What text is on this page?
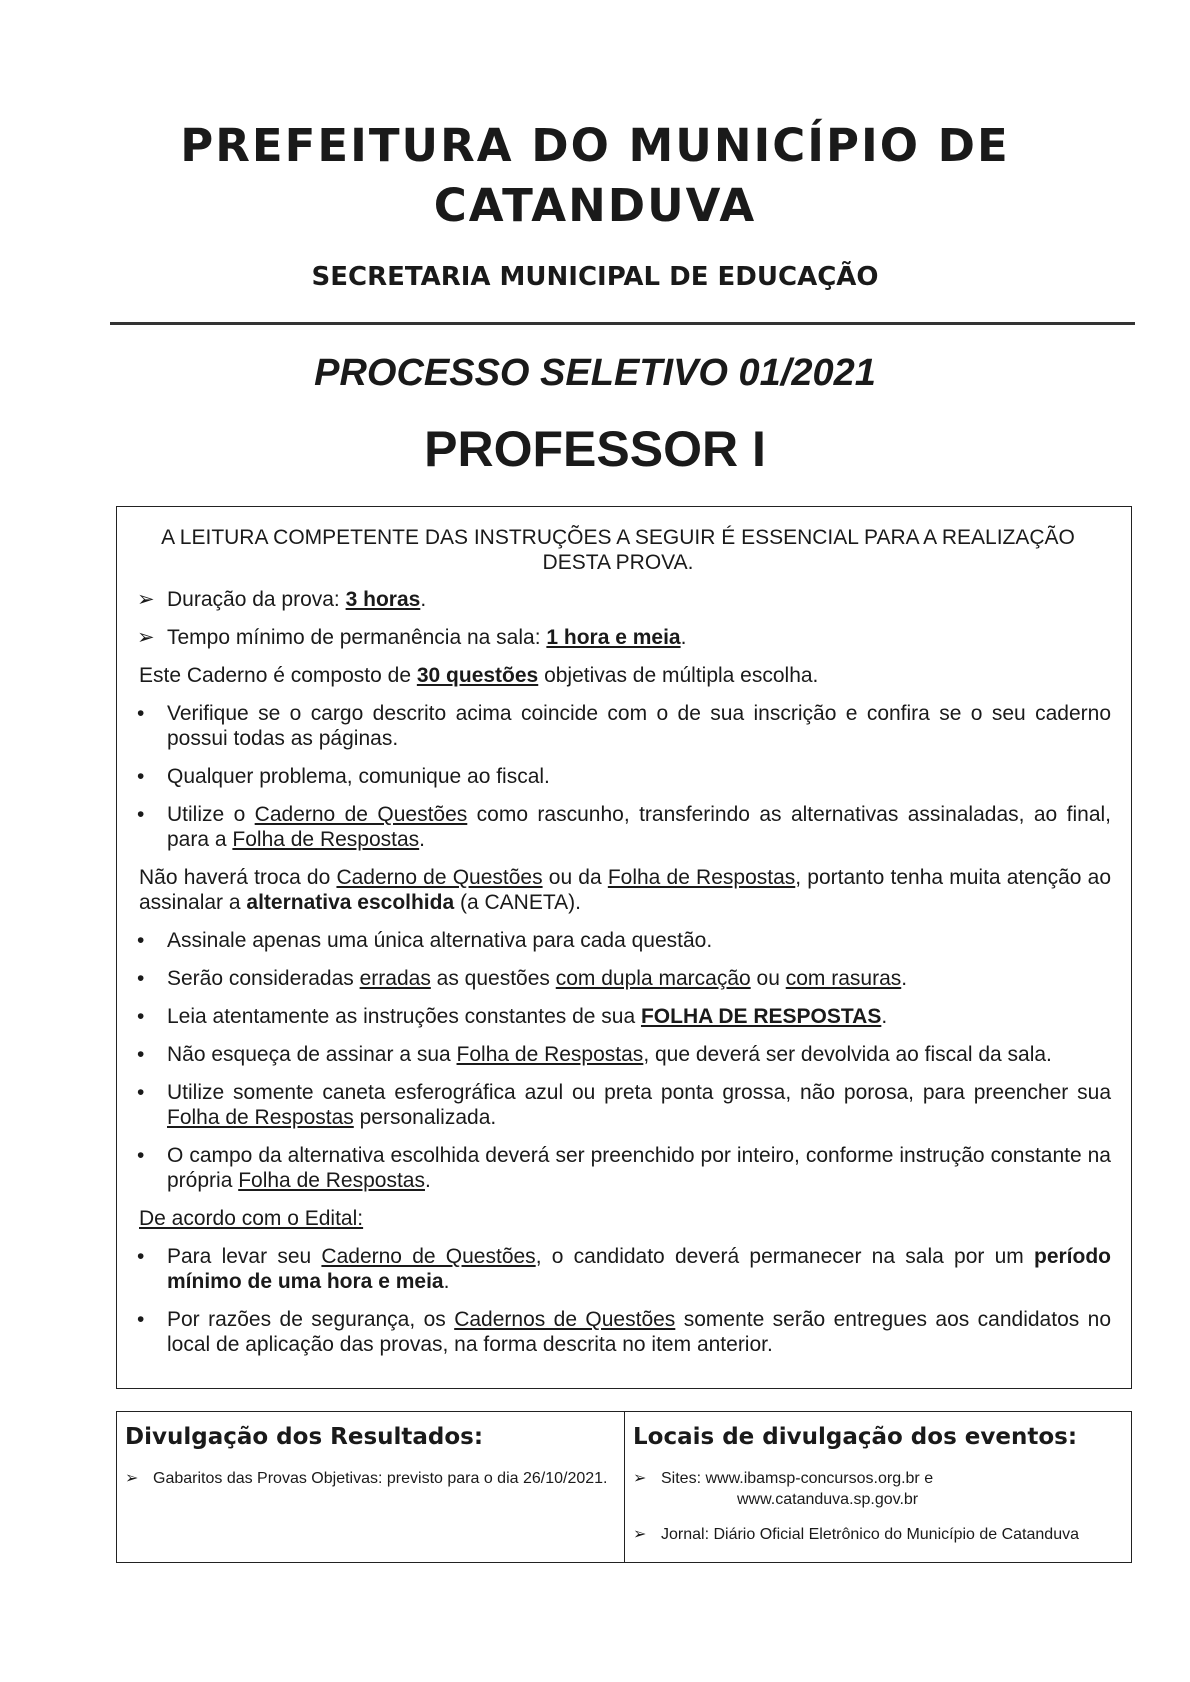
PREFEITURA DO MUNICÍPIO DE
CATANDUVA
SECRETARIA MUNICIPAL DE EDUCAÇÃO
PROCESSO SELETIVO 01/2021
PROFESSOR I
A LEITURA COMPETENTE DAS INSTRUÇÕES A SEGUIR É ESSENCIAL PARA A REALIZAÇÃO DESTA PROVA.
➢ Duração da prova: 3 horas.
➢ Tempo mínimo de permanência na sala: 1 hora e meia.
Este Caderno é composto de 30 questões objetivas de múltipla escolha.
• Verifique se o cargo descrito acima coincide com o de sua inscrição e confira se o seu caderno possui todas as páginas.
• Qualquer problema, comunique ao fiscal.
• Utilize o Caderno de Questões como rascunho, transferindo as alternativas assinaladas, ao final, para a Folha de Respostas.
Não haverá troca do Caderno de Questões ou da Folha de Respostas, portanto tenha muita atenção ao assinalar a alternativa escolhida (a CANETA).
• Assinale apenas uma única alternativa para cada questão.
• Serão consideradas erradas as questões com dupla marcação ou com rasuras.
• Leia atentamente as instruções constantes de sua FOLHA DE RESPOSTAS.
• Não esqueça de assinar a sua Folha de Respostas, que deverá ser devolvida ao fiscal da sala.
• Utilize somente caneta esferográfica azul ou preta ponta grossa, não porosa, para preencher sua Folha de Respostas personalizada.
• O campo da alternativa escolhida deverá ser preenchido por inteiro, conforme instrução constante na própria Folha de Respostas.
De acordo com o Edital:
• Para levar seu Caderno de Questões, o candidato deverá permanecer na sala por um período mínimo de uma hora e meia.
• Por razões de segurança, os Cadernos de Questões somente serão entregues aos candidatos no local de aplicação das provas, na forma descrita no item anterior.
Divulgação dos Resultados:
➢ Gabaritos das Provas Objetivas: previsto para o dia 26/10/2021.
Locais de divulgação dos eventos:
➢ Sites: www.ibamsp-concursos.org.br e
www.catanduva.sp.gov.br
➢ Jornal: Diário Oficial Eletrônico do Município de Catanduva
